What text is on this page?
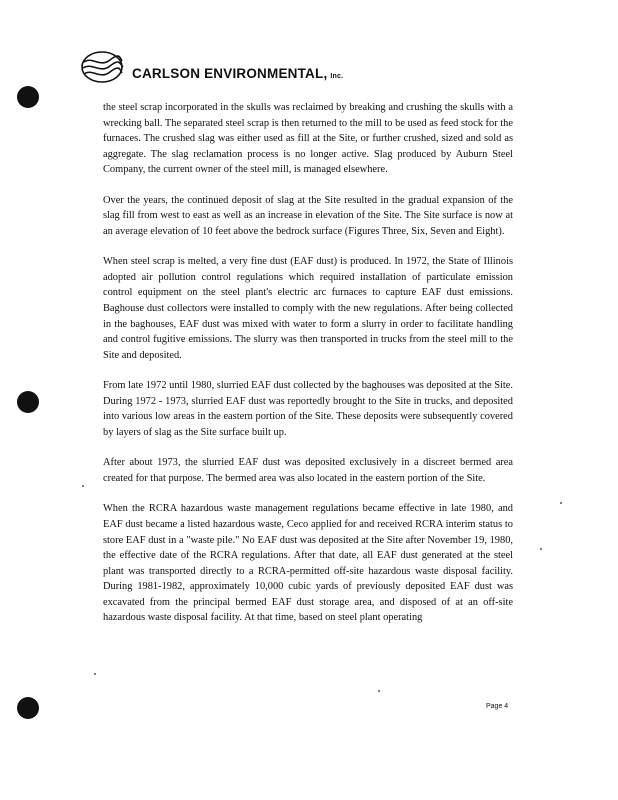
CARLSON ENVIRONMENTAL, Inc.

the steel scrap incorporated in the skulls was reclaimed by breaking and crushing the skulls with a wrecking ball. The separated steel scrap is then returned to the mill to be used as feed stock for the furnaces. The crushed slag was either used as fill at the Site, or further crushed, sized and sold as aggregate. The slag reclamation process is no longer active. Slag produced by Auburn Steel Company, the current owner of the steel mill, is managed elsewhere.

Over the years, the continued deposit of slag at the Site resulted in the gradual expansion of the slag fill from west to east as well as an increase in elevation of the Site. The Site surface is now at an average elevation of 10 feet above the bedrock surface (Figures Three, Six, Seven and Eight).

When steel scrap is melted, a very fine dust (EAF dust) is produced. In 1972, the State of Illinois adopted air pollution control regulations which required installation of particulate emission control equipment on the steel plant's electric arc furnaces to capture EAF dust emissions. Baghouse dust collectors were installed to comply with the new regulations. After being collected in the baghouses, EAF dust was mixed with water to form a slurry in order to facilitate handling and control fugitive emissions. The slurry was then transported in trucks from the steel mill to the Site and deposited.

From late 1972 until 1980, slurried EAF dust collected by the baghouses was deposited at the Site. During 1972 - 1973, slurried EAF dust was reportedly brought to the Site in trucks, and deposited into various low areas in the eastern portion of the Site. These deposits were subsequently covered by layers of slag as the Site surface built up.

After about 1973, the slurried EAF dust was deposited exclusively in a discreet bermed area created for that purpose. The bermed area was also located in the eastern portion of the Site.

When the RCRA hazardous waste management regulations became effective in late 1980, and EAF dust became a listed hazardous waste, Ceco applied for and received RCRA interim status to store EAF dust in a "waste pile." No EAF dust was deposited at the Site after November 19, 1980, the effective date of the RCRA regulations. After that date, all EAF dust generated at the steel plant was transported directly to a RCRA-permitted off-site hazardous waste disposal facility. During 1981-1982, approximately 10,000 cubic yards of previously deposited EAF dust was excavated from the principal bermed EAF dust storage area, and disposed of at an off-site hazardous waste disposal facility. At that time, based on steel plant operating

Page 4
